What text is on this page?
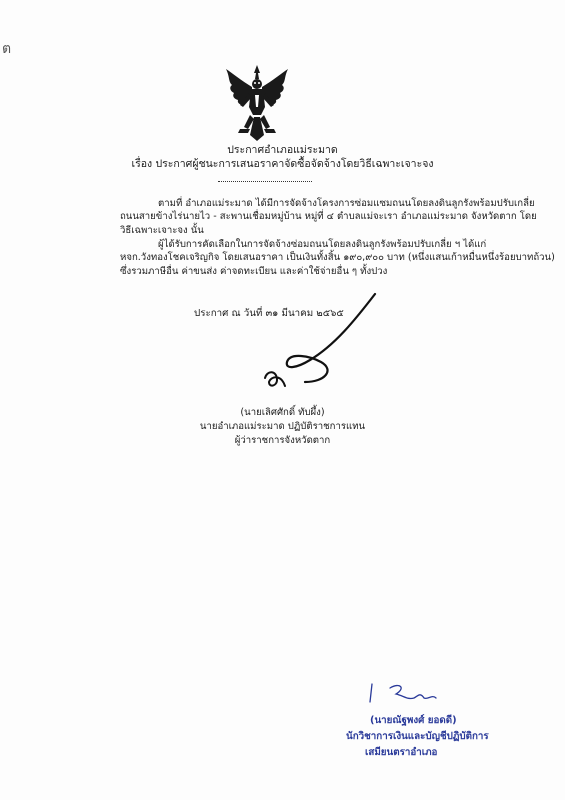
ต
ประกาศอำเภอแม่ระมาด
เรื่อง ประกาศผู้ชนะการเสนอราคาจัดซื้อจัดจ้างโดยวิธีเฉพาะเจาะจง
ตามที่ อำเภอแม่ระมาด ได้มีการจัดจ้างโครงการซ่อมแซมถนนโดยลงดินลูกรังพร้อมปรับเกลี่ย
ถนนสายข้างไร่นายไว - สะพานเชื่อมหมู่บ้าน หมู่ที่ ๔ ตำบลแม่จะเรา อำเภอแม่ระมาด จังหวัดตาก โดย
วิธีเฉพาะเจาะจง นั้น
ผู้ได้รับการคัดเลือกในการจัดจ้างซ่อมถนนโดยลงดินลูกรังพร้อมปรับเกลี่ย ฯ ได้แก่
หจก.วังทองโชคเจริญกิจ โดยเสนอราคา เป็นเงินทั้งสิ้น ๑๙๐,๙๐๐ บาท (หนึ่งแสนเก้าหมื่นหนึ่งร้อยบาทถ้วน)
ซึ่งรวมภาษีอื่น ค่าขนส่ง ค่าจดทะเบียน และค่าใช้จ่ายอื่น ๆ ทั้งปวง
ประกาศ ณ วันที่ ๓๑ มีนาคม ๒๕๖๕
(นายเลิศศักดิ์ ทับผึ้ง)
นายอำเภอแม่ระมาด ปฏิบัติราชการแทน
ผู้ว่าราชการจังหวัดตาก
(นายณัฐพงศ์ ยอดดี)
นักวิชาการเงินและบัญชีปฏิบัติการ
เสมียนตราอำเภอ
